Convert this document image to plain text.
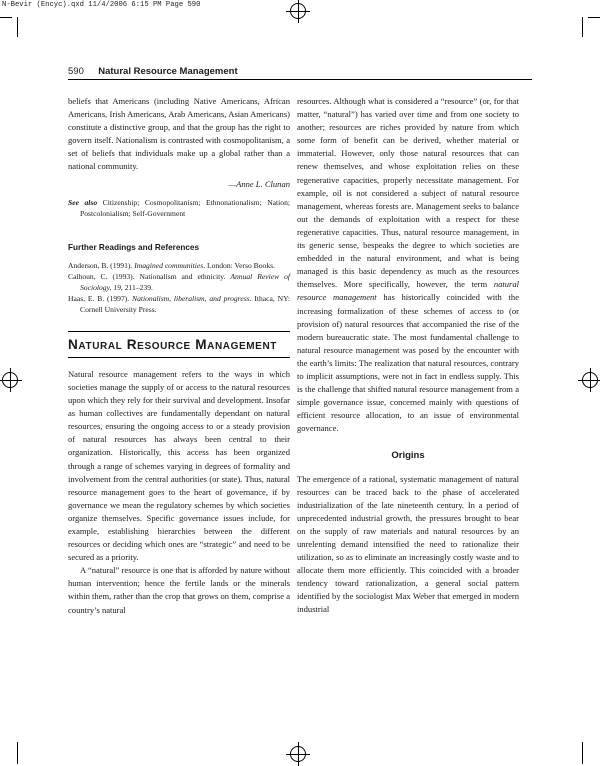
N-Bevir (Encyc).qxd 11/4/2006 6:15 PM Page 590
590 Natural Resource Management

beliefs that Americans (including Native Americans, African Americans, Irish Americans, Arab Americans, Asian Americans) constitute a distinctive group, and that the group has the right to govern itself. Nationalism is contrasted with cosmopolitanism, a set of beliefs that individuals make up a global rather than a national community.

—Anne L. Clunan

See also Citizenship; Cosmopolitanism; Ethnonationalism; Nation; Postcolonialism; Self-Government

Further Readings and References

Anderson, B. (1991). Imagined communities. London: Verso Books.

Calhoun, C. (1993). Nationalism and ethnicity. Annual Review of Sociology, 19, 211–239.

Haas, E. B. (1997). Nationalism, liberalism, and progress. Ithaca, NY: Cornell University Press.

Natural Resource Management

Natural resource management refers to the ways in which societies manage the supply of or access to the natural resources upon which they rely for their survival and development. Insofar as human collectives are fundamentally dependant on natural resources, ensuring the ongoing access to or a steady provision of natural resources has always been central to their organization. Historically, this access has been organized through a range of schemes varying in degrees of formality and involvement from the central authorities (or state). Thus, natural resource management goes to the heart of governance, if by governance we mean the regulatory schemes by which societies organize themselves. Specific governance issues include, for example, establishing hierarchies between the different resources or deciding which ones are “strategic” and need to be secured as a priority.

A “natural” resource is one that is afforded by nature without human intervention; hence the fertile lands or the minerals within them, rather than the crop that grows on them, comprise a country’s natural

resources. Although what is considered a “resource” (or, for that matter, “natural”) has varied over time and from one society to another; resources are riches provided by nature from which some form of benefit can be derived, whether material or immaterial. However, only those natural resources that can renew themselves, and whose exploitation relies on these regenerative capacities, properly necessitate management. For example, oil is not considered a subject of natural resource management, whereas forests are. Management seeks to balance out the demands of exploitation with a respect for these regenerative capacities. Thus, natural resource management, in its generic sense, bespeaks the degree to which societies are embedded in the natural environment, and what is being managed is this basic dependency as much as the resources themselves. More specifically, however, the term natural resource management has historically coincided with the increasing formalization of these schemes of access to (or provision of) natural resources that accompanied the rise of the modern bureaucratic state. The most fundamental challenge to natural resource management was posed by the encounter with the earth’s limits: The realization that natural resources, contrary to implicit assumptions, were not in fact in endless supply. This is the challenge that shifted natural resource management from a simple governance issue, concerned mainly with questions of efficient resource allocation, to an issue of environmental governance.

Origins

The emergence of a rational, systematic management of natural resources can be traced back to the phase of accelerated industrialization of the late nineteenth century. In a period of unprecedented industrial growth, the pressures brought to bear on the supply of raw materials and natural resources by an unrelenting demand intensified the need to rationalize their utilization, so as to eliminate an increasingly costly waste and to allocate them more efficiently. This coincided with a broader tendency toward rationalization, a general social pattern identified by the sociologist Max Weber that emerged in modern industrial
